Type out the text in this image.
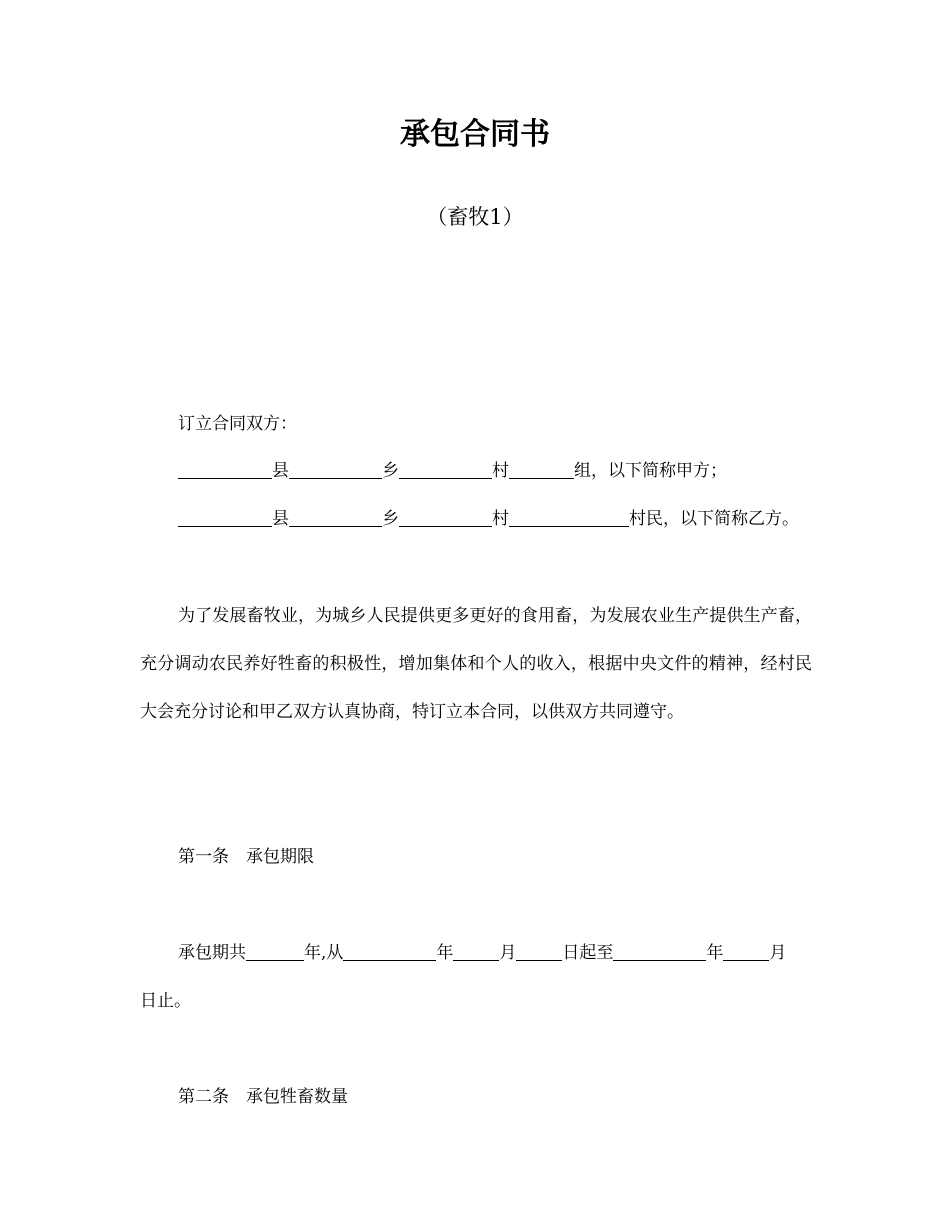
承包合同书
（畜牧1）
订立合同双方：
县	乡	村	组，以下简称甲方；
县	乡	村	村民，以下简称乙方。

为了发展畜牧业，为城乡人民提供更多更好的食用畜，为发展农业生产提供生产畜，充分调动农民养好牲畜的积极性，增加集体和个人的收入，根据中央文件的精神，经村民大会充分讨论和甲乙双方认真协商，特订立本合同，以供双方共同遵守。

第一条　承包期限
承包期共	年,从	年	月	日起至	年	月
日止。
第二条　承包牲畜数量
